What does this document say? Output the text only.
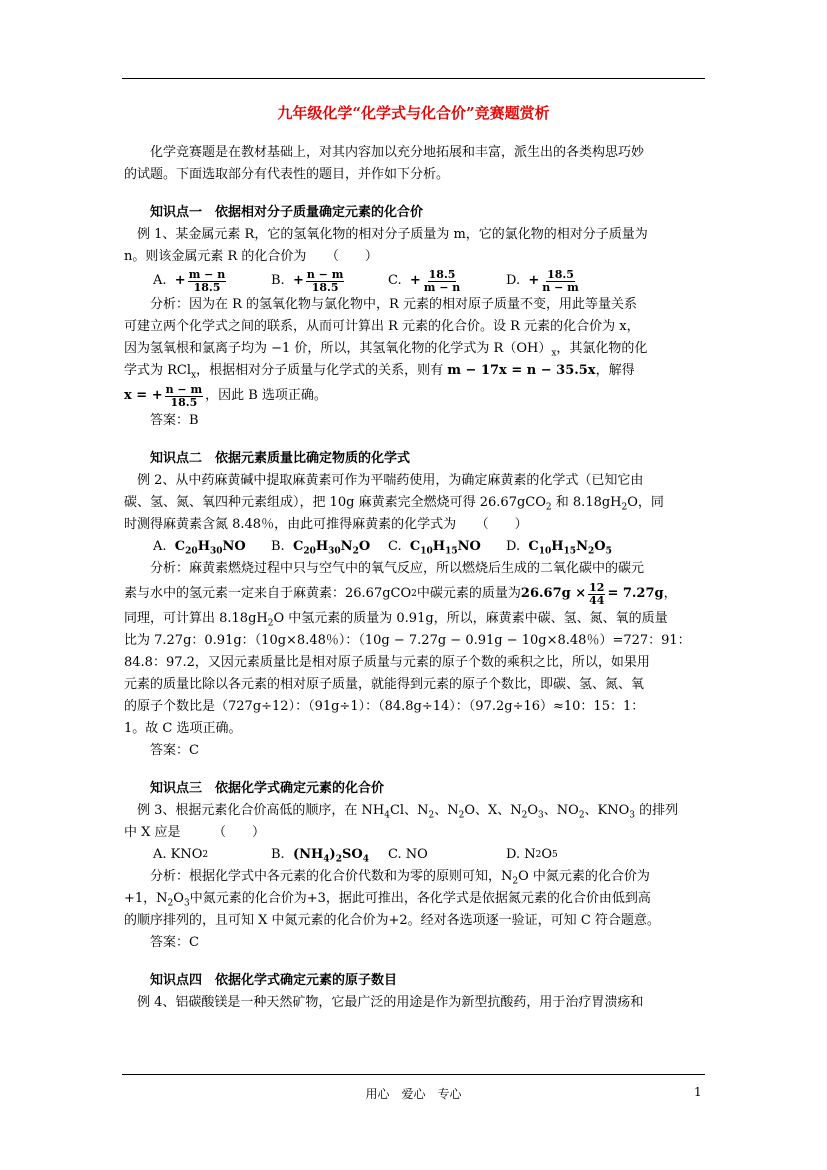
九年级化学“化学式与化合价”竞赛题赏析

化学竞赛题是在教材基础上，对其内容加以充分地拓展和丰富，派生出的各类构思巧妙

的试题。下面选取部分有代表性的题目，并作如下分析。

知识点一　依据相对分子质量确定元素的化合价

例 1、某金属元素 R，它的氢氧化物的相对分子质量为 m，它的氯化物的相对分子质量为

n。则该金属元素 R 的化合价为　　（　　）

A.
+ $\frac{m - n}{18.5}$	B.
+ $\frac{n - m}{18.5}$	C.
+ $\frac{18.5}{m - n}$	D.
+ $\frac{18.5}{n - m}$

分析：因为在 R 的氢氧化物与氯化物中，R 元素的相对原子质量不变，用此等量关系

可建立两个化学式之间的联系，从而可计算出 R 元素的化合价。设 R 元素的化合价为 x，

因为氢氧根和氯离子均为 −1 价，所以，其氢氧化物的化学式为 $R(OH)_x$，其氯化物的化

学式为 RCl$_x$，根据相对分子质量与化学式的关系，则有 m − 17x = n − 35.5x，解得

x = + $\frac{n - m}{18.5}$ ，因此 B 选项正确。

答案：B

知识点二　依据元素质量比确定物质的化学式

例 2、从中药麻黄碱中提取麻黄素可作为平喘药使用，为确定麻黄素的化学式（已知它由

碳、氢、氮、氧四种元素组成），把 10g 麻黄素完全燃烧可得 26.67gCO$_2$ 和 $8.18gH_2O$，同

时测得麻黄素含氮 8.48％，由此可推得麻黄素的化学式为　　（　　）

A.
$C_{20}H_{30}NO$ B.
$C_{20}H_{30}N_2O$ C.
$C_{10}H_{15}NO$ D.
$C_{10}H_{15}N_2O_5$

分析：麻黄素燃烧过程中只与空气中的氧气反应，所以燃烧后生成的二氧化碳中的碳元

素与水中的氢元素一定来自于麻黄素：26.67gCO 2 中碳元素的质量为 $26.67g \times \frac{12}{44} = 7.27g$ ，

同理，可计算出 $8.18gH_2O$ 中氢元素的质量为 0.91g，所以，麻黄素中碳、氢、氮、氧的质量

比为 7.27g：0.91g：（10g×8.48％）：（10g − 7.27g − 0.91g − 10g×8.48％）=727：91：

84.8：97.2，又因元素质量比是相对原子质量与元素的原子个数的乘积之比，所以，如果用

元素的质量比除以各元素的相对原子质量，就能得到元素的原子个数比，即碳、氢、氮、氧

的原子个数比是（727g÷12）：（91g÷1）：（84.8g÷14）：（97.2g÷16）≈10：15：1：

1。故 C 选项正确。

答案：C

知识点三　依据化学式确定元素的化合价

例 3、根据元素化合价高低的顺序，在 $NH_4Cl$、$N_2$、$N_2O$、X、$N_2O_3$、$NO_2$、$KNO_3$ 的排列

中 X 应是　　　（　　）

A. KNO 2	B.
$(NH_4)_2SO_4$ C. NO	D. N 2 O 5

分析：根据化学式中各元素的化合价代数和为零的原则可知，$N_2O$ 中氮元素的化合价为

+1，$N_2O_3$中氮元素的化合价为+3，据此可推出，各化学式是依据氮元素的化合价由低到高

的顺序排列的，且可知 X 中氮元素的化合价为+2。经对各选项逐一验证，可知 C 符合题意。

答案：C

知识点四　依据化学式确定元素的原子数目

例 4、铝碳酸镁是一种天然矿物，它最广泛的用途是作为新型抗酸药，用于治疗胃溃疡和

用心　爱心　专心	1
